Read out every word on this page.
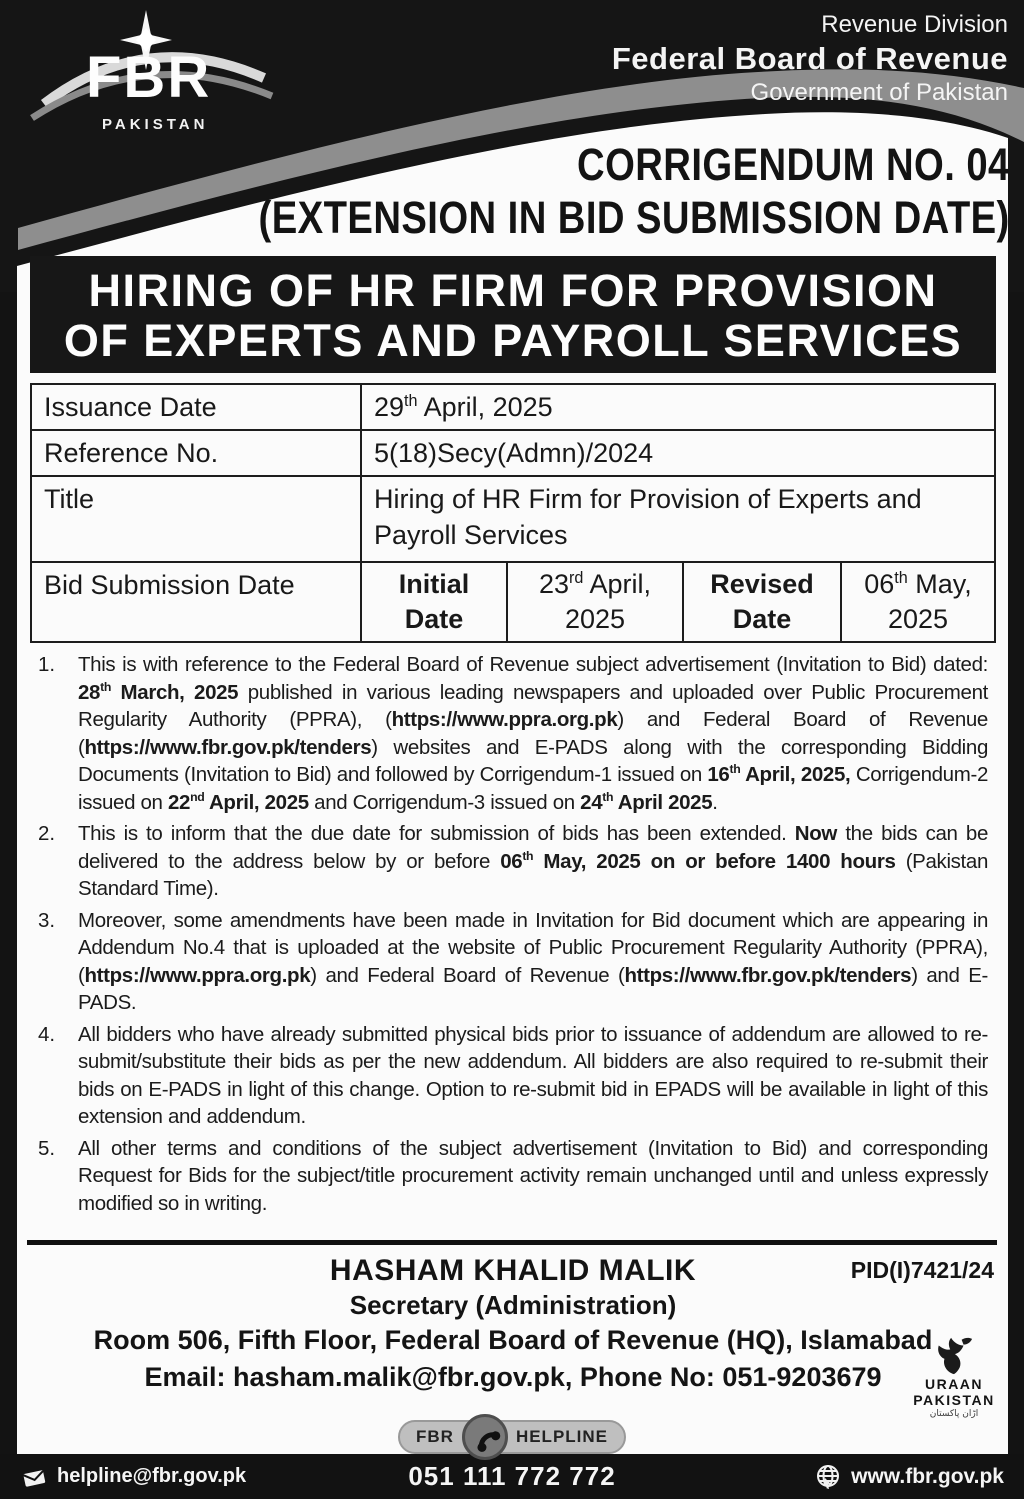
FBR
PAKISTAN
Revenue Division
Federal Board of Revenue
Government of Pakistan
CORRIGENDUM NO. 04
(EXTENSION IN BID SUBMISSION DATE)
HIRING OF HR FIRM FOR PROVISION
OF EXPERTS AND PAYROLL SERVICES
Issuance Date	29th April, 2025			
Reference No.	5(18)Secy(Admn)/2024			
Title	Hiring of HR Firm for Provision of Experts and Payroll Services			
Bid Submission Date	Initial Date	23rd April, 2025	Revised Date	06th May, 2025
1.	This is with reference to the Federal Board of Revenue subject advertisement (Invitation to Bid) dated: 28th March, 2025 published in various leading newspapers and uploaded over Public Procurement Regularity Authority (PPRA), (https://www.ppra.org.pk) and Federal Board of Revenue (https://www.fbr.gov.pk/tenders) websites and E-PADS along with the corresponding Bidding Documents (Invitation to Bid) and followed by Corrigendum-1 issued on 16th April, 2025, Corrigendum-2 issued on 22nd April, 2025 and Corrigendum-3 issued on 24th April 2025.
2.	This is to inform that the due date for submission of bids has been extended. Now the bids can be delivered to the address below by or before 06th May, 2025 on or before 1400 hours (Pakistan Standard Time).
3.	Moreover, some amendments have been made in Invitation for Bid document which are appearing in Addendum No.4 that is uploaded at the website of Public Procurement Regularity Authority (PPRA), (https://www.ppra.org.pk) and Federal Board of Revenue (https://www.fbr.gov.pk/tenders) and E-PADS.
4.	All bidders who have already submitted physical bids prior to issuance of addendum are allowed to re-submit/substitute their bids as per the new addendum. All bidders are also required to re-submit their bids on E-PADS in light of this change. Option to re-submit bid in EPADS will be available in light of this extension and addendum.
5.	All other terms and conditions of the subject advertisement (Invitation to Bid) and corresponding Request for Bids for the subject/title procurement activity remain unchanged until and unless expressly modified so in writing.
HASHAM KHALID MALIK	PID(I)7421/24
Secretary (Administration)
Room 506, Fifth Floor, Federal Board of Revenue (HQ), Islamabad
Email: hasham.malik@fbr.gov.pk, Phone No: 051-9203679	URAAN
PAKISTAN
اڑان پاکستان
FBR	HELPLINE
helpline@fbr.gov.pk	051 111 772 772	www.fbr.gov.pk
